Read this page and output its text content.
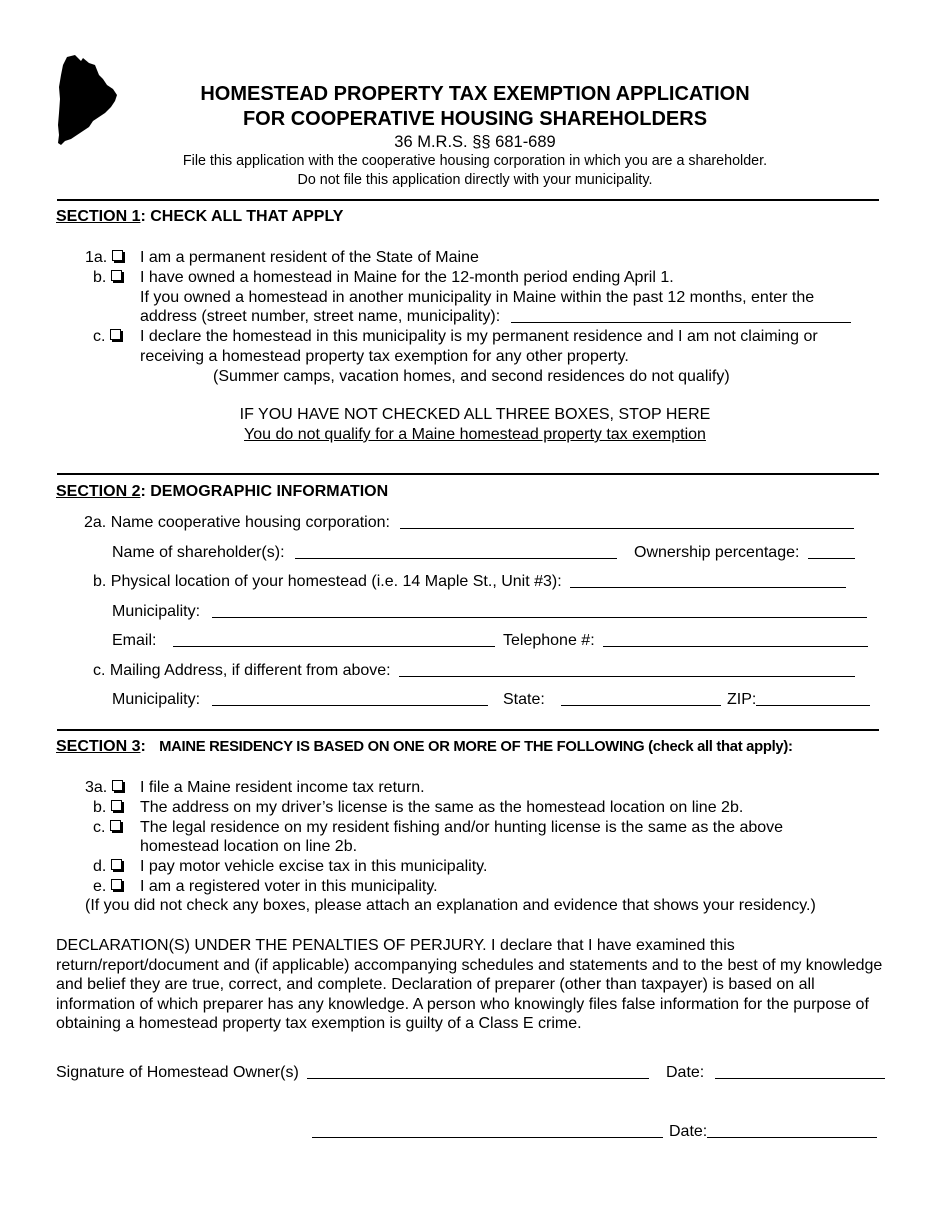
HOMESTEAD PROPERTY TAX EXEMPTION APPLICATION
FOR COOPERATIVE HOUSING SHAREHOLDERS
36 M.R.S. §§ 681-689
File this application with the cooperative housing corporation in which you are a shareholder.
Do not file this application directly with your municipality.
SECTION 1: CHECK ALL THAT APPLY
1a.	I am a permanent resident of the State of Maine
b.	I have owned a homestead in Maine for the 12-month period ending April 1.
If you owned a homestead in another municipality in Maine within the past 12 months, enter the
address (street number, street name, municipality):
c.	I declare the homestead in this municipality is my permanent residence and I am not claiming or
receiving a homestead property tax exemption for any other property.
(Summer camps, vacation homes, and second residences do not qualify)
IF YOU HAVE NOT CHECKED ALL THREE BOXES, STOP HERE
You do not qualify for a Maine homestead property tax exemption
SECTION 2: DEMOGRAPHIC INFORMATION
2a. Name cooperative housing corporation:
Name of shareholder(s):	Ownership percentage:
b. Physical location of your homestead (i.e. 14 Maple St., Unit #3):
Municipality:
Email:	Telephone #:
c. Mailing Address, if different from above:
Municipality:	State:	ZIP:
SECTION 3:   MAINE RESIDENCY IS BASED ON ONE OR MORE OF THE FOLLOWING (check all that apply):
3a.	I file a Maine resident income tax return.
b.	The address on my driver’s license is the same as the homestead location on line 2b.
c.	The legal residence on my resident fishing and/or hunting license is the same as the above
homestead location on line 2b.
d.	I pay motor vehicle excise tax in this municipality.
e.	I am a registered voter in this municipality.
(If you did not check any boxes, please attach an explanation and evidence that shows your residency.)
DECLARATION(S) UNDER THE PENALTIES OF PERJURY. I declare that I have examined this return/report/document and (if applicable) accompanying schedules and statements and to the best of my knowledge and belief they are true, correct, and complete. Declaration of preparer (other than taxpayer) is based on all information of which preparer has any knowledge. A person who knowingly files false information for the purpose of obtaining a homestead property tax exemption is guilty of a Class E crime.
Signature of Homestead Owner(s)	Date:
Date:
